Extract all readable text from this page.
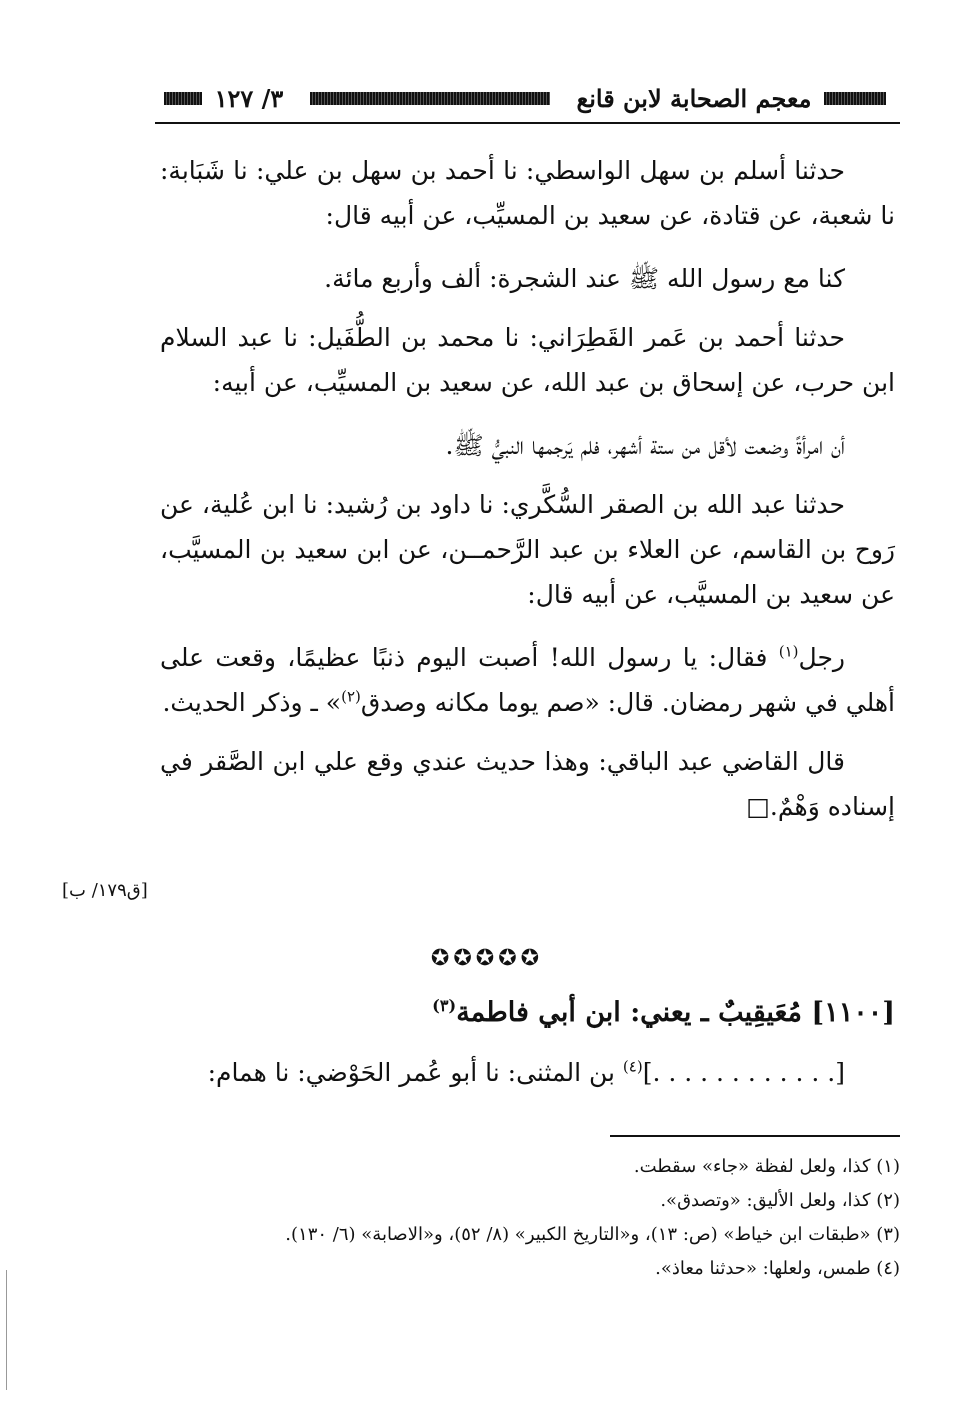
معجم الصحابة لابن قانع
٣/ ١٢٧

حدثنا أسلم بن سهل الواسطي: نا أحمد بن سهل بن علي: نا شَبَابة: نا شعبة، عن قتادة، عن سعيد بن المسيِّب، عن أبيه قال:

كنا مع رسول الله ﷺ عند الشجرة: ألف وأربع مائة.

حدثنا أحمد بن عَمر القَطِرَاني: نا محمد بن الطُّفَيل: نا عبد السلام ابن حرب، عن إسحاق بن عبد الله، عن سعيد بن المسيِّب، عن أبيه:

أن امرأةً وضعت لأقل من ستة أشهر، فلم يَرجمها النبيُّ ﷺ.

حدثنا عبد الله بن الصقر السُّكَّري: نا داود بن رُشيد: نا ابن عُلية، عن رَوح بن القاسم، عن العلاء بن عبد الرَّحمــن، عن ابن سعيد بن المسيَّب، عن سعيد بن المسيَّب، عن أبيه قال:

رجل$^{(١)}$ فقال: يا رسول الله! أصبت اليوم ذنبًا عظيمًا، وقعت على أهلي في شهر رمضان. قال: «صم يوما مكانه وصدق$^{(٢)}$» ـ وذكر الحديث.

قال القاضي عبد الباقي: وهذا حديث عندي وقع علي ابن الصَّقر في إسناده وَهْمٌ.□

[ق١٧٩/ ب]
✪✪✪✪✪
[١١٠٠] مُعَيقِيبٌ ـ يعني: ابن أبي فاطمة$^{(٣)}$
[. . . . . . . . . . . .]$^{(٤)}$ بن المثنى: نا أبو عُمر الحَوْضي: نا همام:
(١) كذا، ولعل لفظة «جاء» سقطت.
(٢) كذا، ولعل الأليق: «وتصدق».
(٣) «طبقات ابن خياط» (ص: ١٣)، و«التاريخ الكبير» (٨/ ٥٢)، و«الاصابة» (٦/ ١٣٠).
(٤) طمس، ولعلها: «حدثنا معاذ».
